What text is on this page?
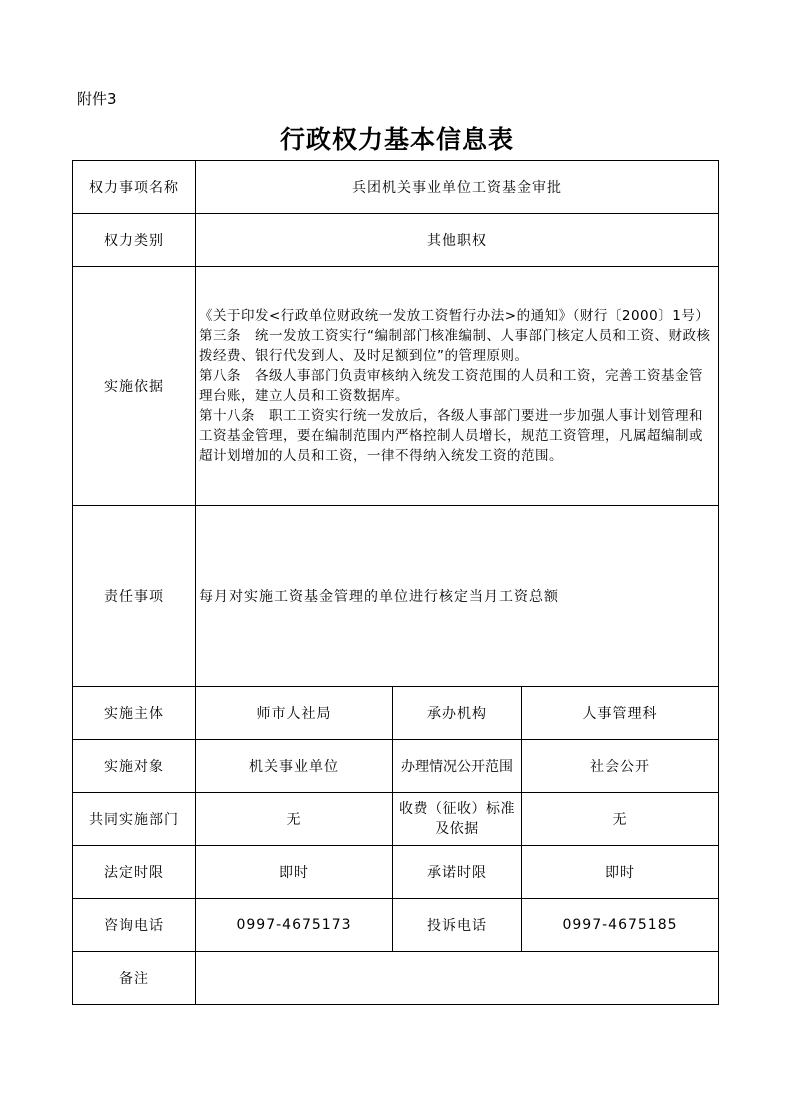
附件3
行政权力基本信息表
权力事项名称	兵团机关事业单位工资基金审批		
权力类别	其他职权		
实施依据	《关于印发<行政单位财政统一发放工资暂行办法>的通知》（财行〔2000〕1号）第三条　统一发放工资实行“编制部门核准编制、人事部门核定人员和工资、财政核拨经费、银行代发到人、及时足额到位”的管理原则。

第八条　各级人事部门负责审核纳入统发工资范围的人员和工资，完善工资基金管理台账，建立人员和工资数据库。

第十八条　职工工资实行统一发放后，各级人事部门要进一步加强人事计划管理和工资基金管理，要在编制范围内严格控制人员增长，规范工资管理，凡属超编制或超计划增加的人员和工资，一律不得纳入统发工资的范围。		

责任事项	每月对实施工资基金管理的单位进行核定当月工资总额		
实施主体	师市人社局	承办机构	人事管理科
实施对象	机关事业单位	办理情况公开范围	社会公开
共同实施部门	无	收费（征收）标准及依据	无
法定时限	即时	承诺时限	即时
咨询电话	0997-4675173	投诉电话	0997-4675185
备注			
